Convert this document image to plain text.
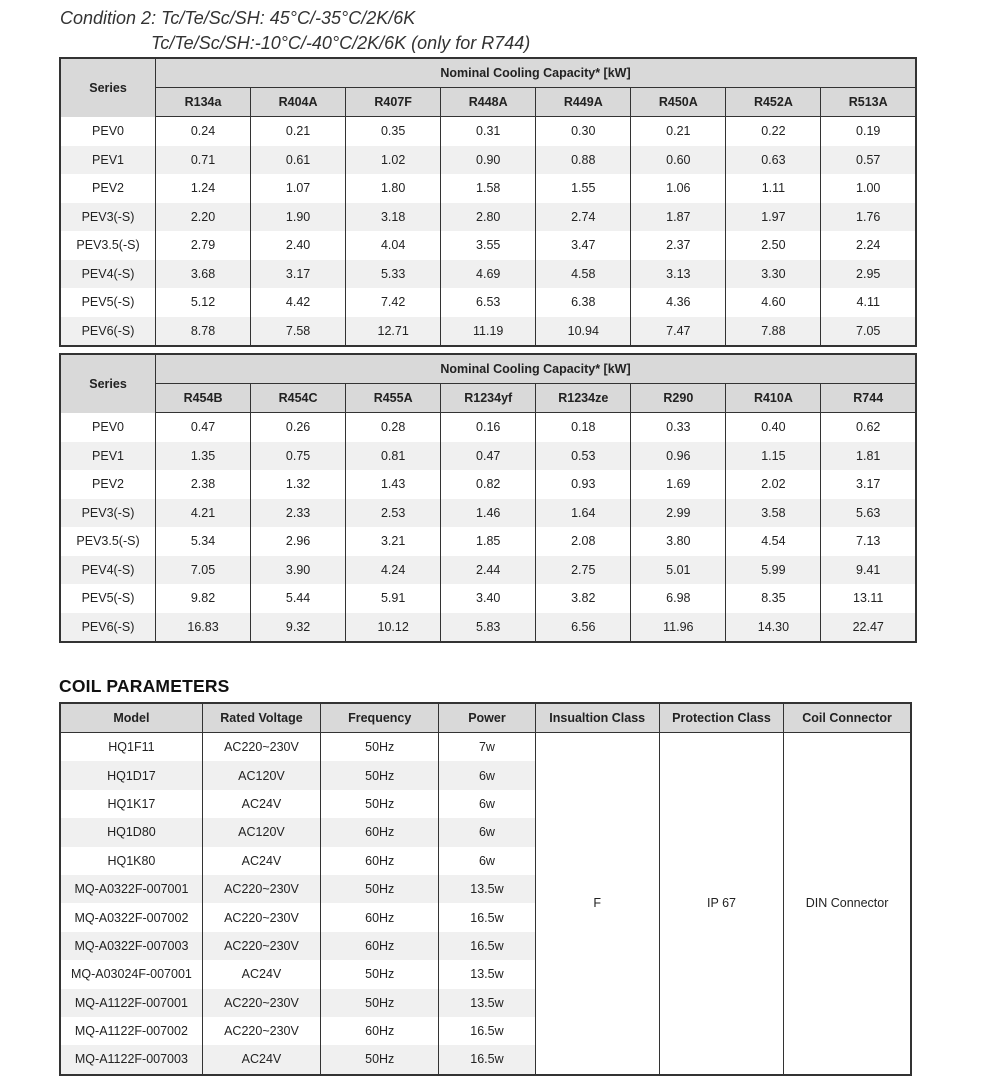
Condition 2: Tc/Te/Sc/SH: 45°C/-35°C/2K/6K
Tc/Te/Sc/SH:-10°C/-40°C/2K/6K (only for R744)
Series	Nominal Cooling Capacity* [kW]							
	R134a	R404A	R407F	R448A	R449A	R450A	R452A	R513A
PEV0	0.24	0.21	0.35	0.31	0.30	0.21	0.22	0.19
PEV1	0.71	0.61	1.02	0.90	0.88	0.60	0.63	0.57
PEV2	1.24	1.07	1.80	1.58	1.55	1.06	1.11	1.00
PEV3(-S)	2.20	1.90	3.18	2.80	2.74	1.87	1.97	1.76
PEV3.5(-S)	2.79	2.40	4.04	3.55	3.47	2.37	2.50	2.24
PEV4(-S)	3.68	3.17	5.33	4.69	4.58	3.13	3.30	2.95
PEV5(-S)	5.12	4.42	7.42	6.53	6.38	4.36	4.60	4.11
PEV6(-S)	8.78	7.58	12.71	11.19	10.94	7.47	7.88	7.05
Series	Nominal Cooling Capacity* [kW]							
	R454B	R454C	R455A	R1234yf	R1234ze	R290	R410A	R744
PEV0	0.47	0.26	0.28	0.16	0.18	0.33	0.40	0.62
PEV1	1.35	0.75	0.81	0.47	0.53	0.96	1.15	1.81
PEV2	2.38	1.32	1.43	0.82	0.93	1.69	2.02	3.17
PEV3(-S)	4.21	2.33	2.53	1.46	1.64	2.99	3.58	5.63
PEV3.5(-S)	5.34	2.96	3.21	1.85	2.08	3.80	4.54	7.13
PEV4(-S)	7.05	3.90	4.24	2.44	2.75	5.01	5.99	9.41
PEV5(-S)	9.82	5.44	5.91	3.40	3.82	6.98	8.35	13.11
PEV6(-S)	16.83	9.32	10.12	5.83	6.56	11.96	14.30	22.47
COIL PARAMETERS
Model	Rated Voltage	Frequency	Power	Insualtion Class	Protection Class	Coil Connector
HQ1F11	AC220~230V	50Hz	7w	F	IP 67	DIN Connector
HQ1D17	AC120V	50Hz	6w			
HQ1K17	AC24V	50Hz	6w			
HQ1D80	AC120V	60Hz	6w			
HQ1K80	AC24V	60Hz	6w			
MQ-A0322F-007001	AC220~230V	50Hz	13.5w			
MQ-A0322F-007002	AC220~230V	60Hz	16.5w			
MQ-A0322F-007003	AC220~230V	60Hz	16.5w			
MQ-A03024F-007001	AC24V	50Hz	13.5w			
MQ-A1122F-007001	AC220~230V	50Hz	13.5w			
MQ-A1122F-007002	AC220~230V	60Hz	16.5w			
MQ-A1122F-007003	AC24V	50Hz	16.5w			
